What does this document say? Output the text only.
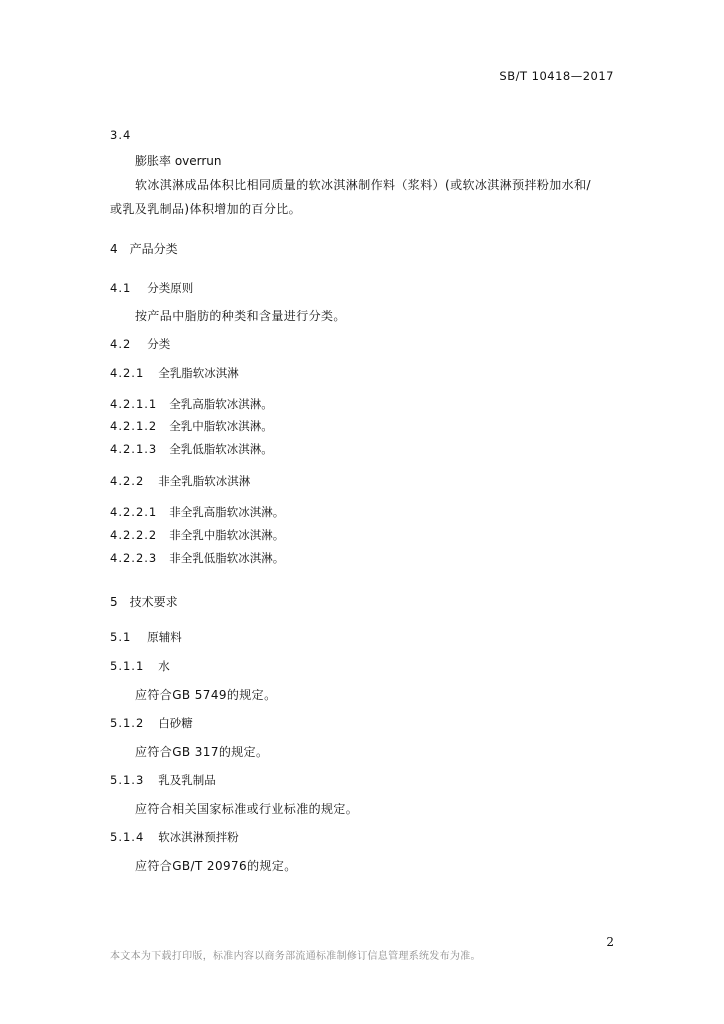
SB/T 10418—2017
3.4
膨胀率 overrun
软冰淇淋成品体积比相同质量的软冰淇淋制作料（浆料）(或软冰淇淋预拌粉加水和/
或乳及乳制品)体积增加的百分比。
4 产品分类
4.1 分类原则
按产品中脂肪的种类和含量进行分类。
4.2 分类
4.2.1 全乳脂软冰淇淋
4.2.1.1 全乳高脂软冰淇淋。
4.2.1.2 全乳中脂软冰淇淋。
4.2.1.3 全乳低脂软冰淇淋。
4.2.2 非全乳脂软冰淇淋
4.2.2.1 非全乳高脂软冰淇淋。
4.2.2.2 非全乳中脂软冰淇淋。
4.2.2.3 非全乳低脂软冰淇淋。
5 技术要求
5.1 原辅料
5.1.1 水
应符合GB 5749的规定。
5.1.2 白砂糖
应符合GB 317的规定。
5.1.3 乳及乳制品
应符合相关国家标准或行业标准的规定。
5.1.4 软冰淇淋预拌粉
应符合GB/T 20976的规定。
2
本文本为下载打印版，标准内容以商务部流通标准制修订信息管理系统发布为准。
